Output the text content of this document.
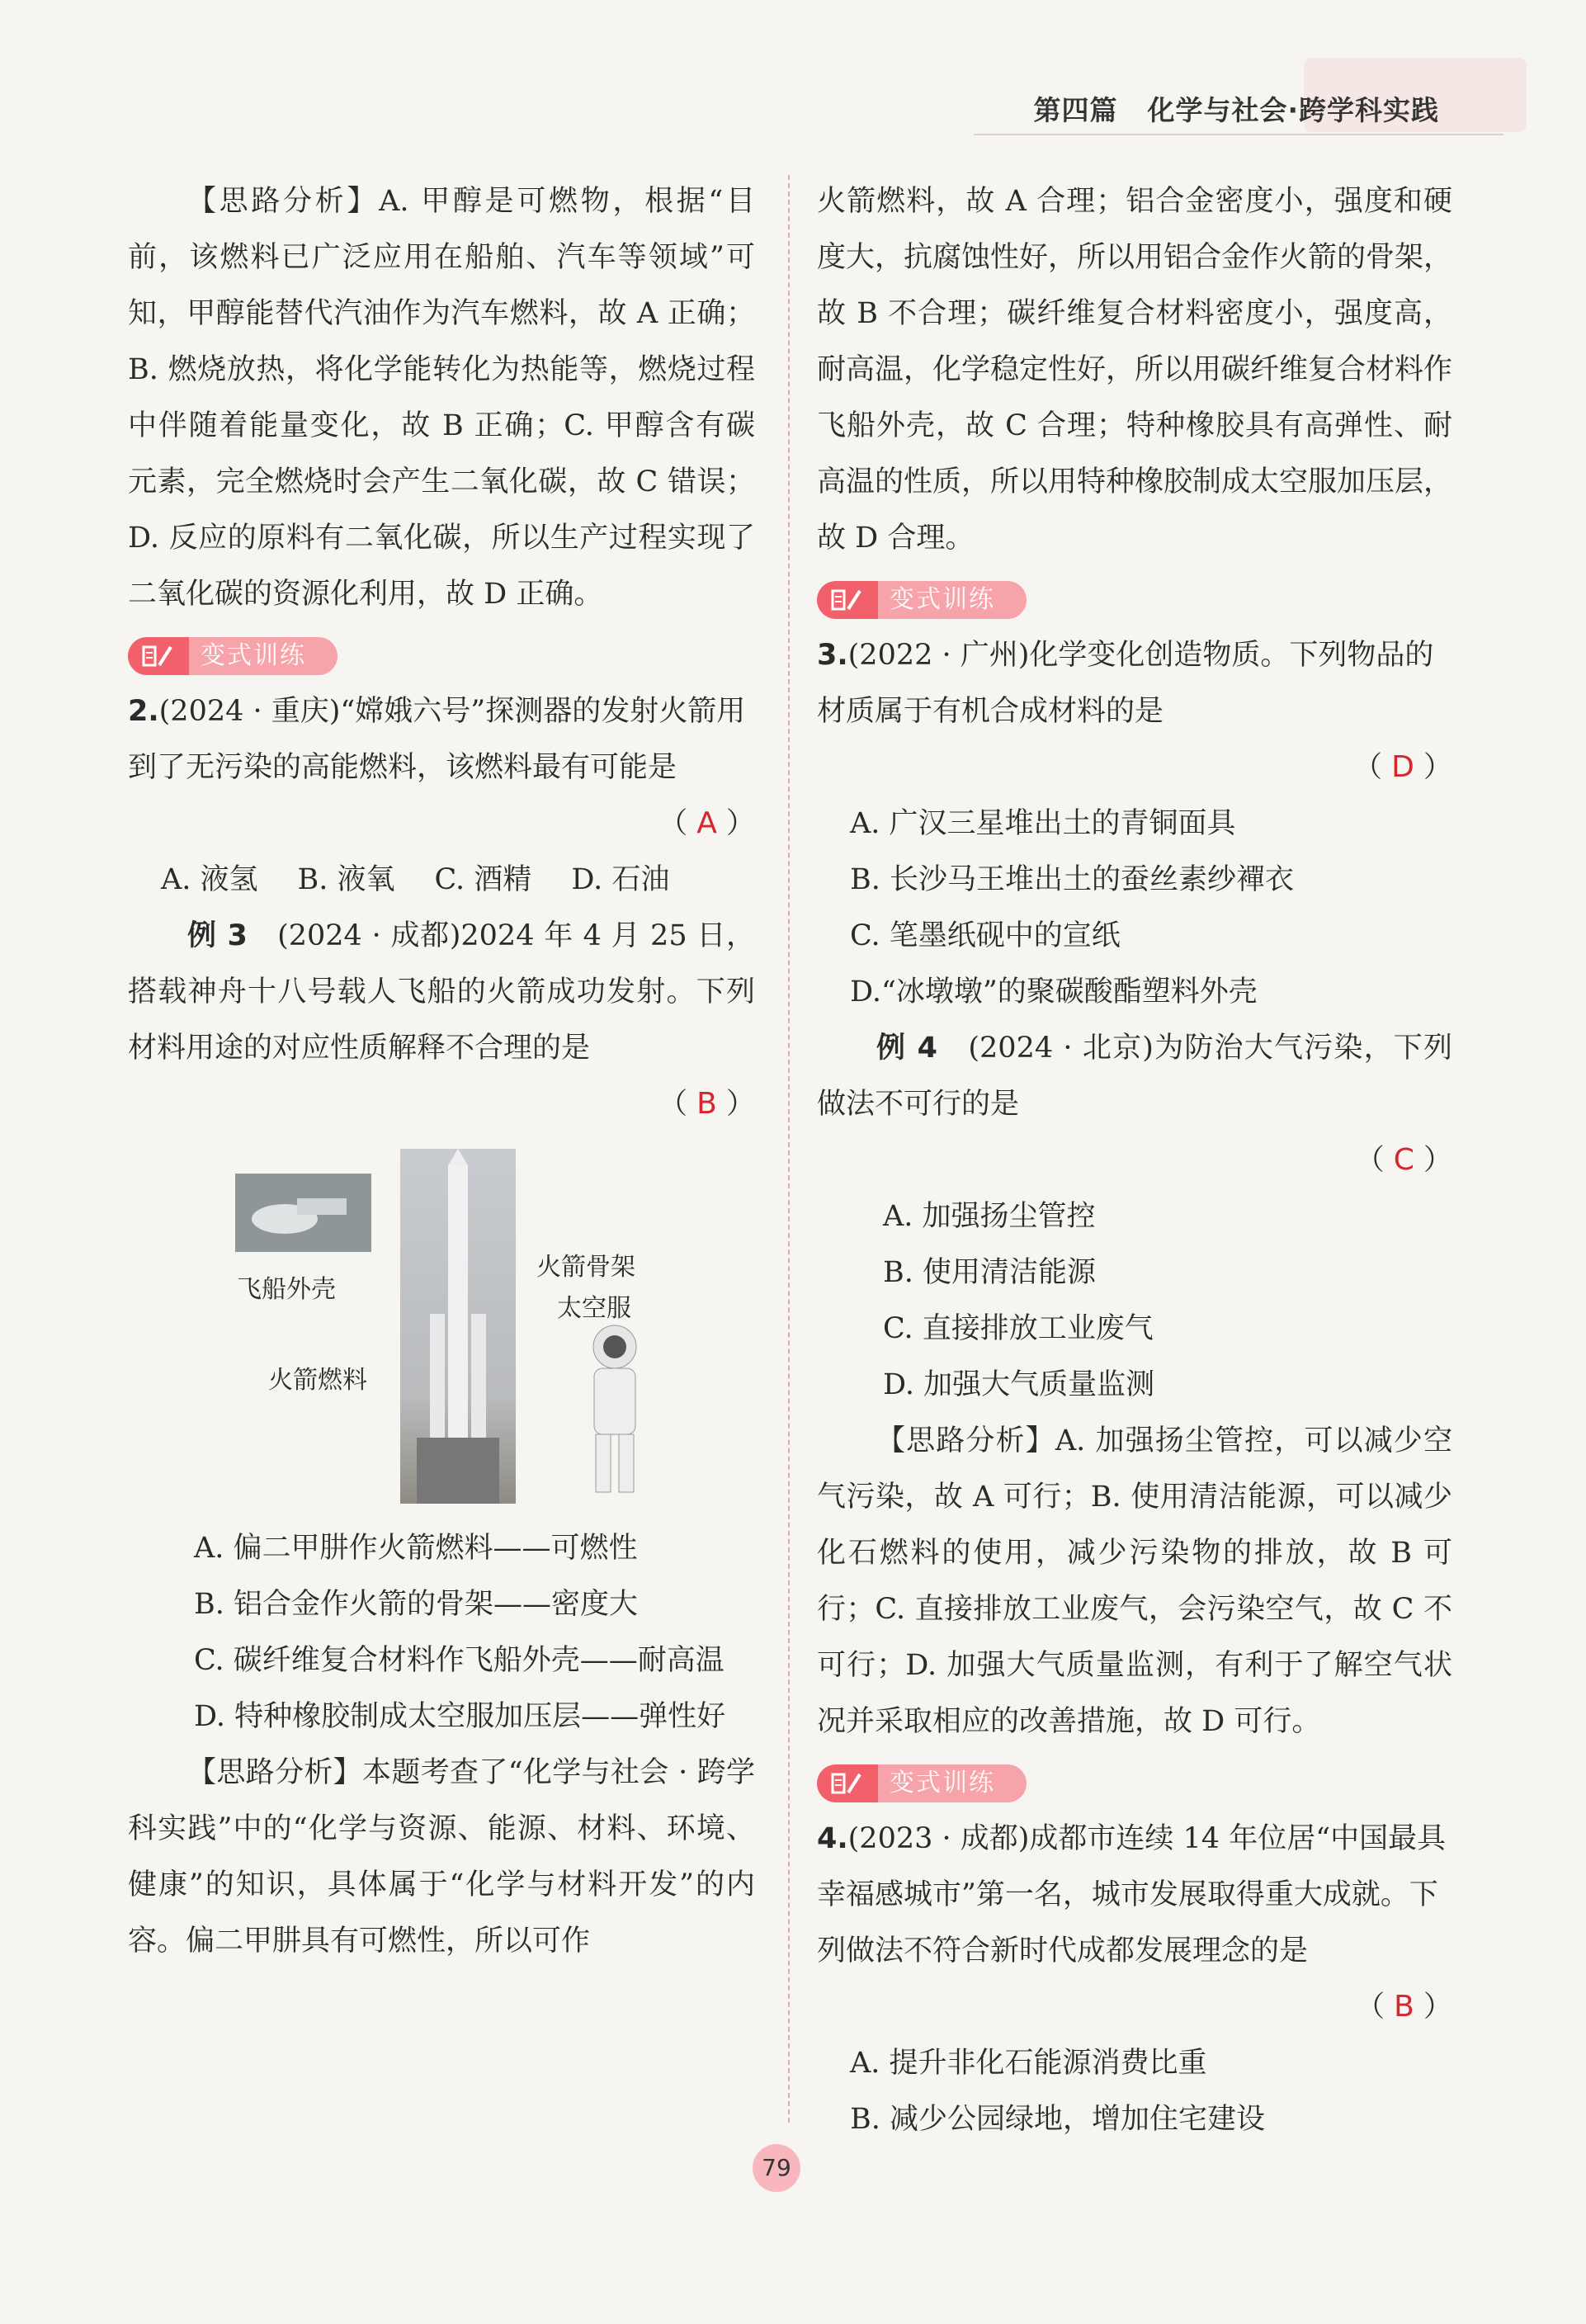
第四篇 化学与社会·跨学科实践

【思路分析】A. 甲醇是可燃物，根据“目前，该燃料已广泛应用在船舶、汽车等领域”可知，甲醇能替代汽油作为汽车燃料，故 A 正确；B. 燃烧放热，将化学能转化为热能等，燃烧过程中伴随着能量变化，故 B 正确；C. 甲醇含有碳元素，完全燃烧时会产生二氧化碳，故 C 错误；D. 反应的原料有二氧化碳，所以生产过程实现了二氧化碳的资源化利用，故 D 正确。

变式训练
2.(2024 · 重庆)“嫦娥六号”探测器的发射火箭用到了无污染的高能燃料，该燃料最有可能是
（ A ）
A. 液氢 B. 液氧 C. 酒精 D. 石油

例 3　 (2024 · 成都)2024 年 4 月 25 日，搭载神舟十八号载人飞船的火箭成功发射。下列材料用途的对应性质解释不合理的是

（ B ）
飞船外壳
火箭骨架
太空服
火箭燃料

A. 偏二甲肼作火箭燃料——可燃性

B. 铝合金作火箭的骨架——密度大

C. 碳纤维复合材料作飞船外壳——耐高温

D. 特种橡胶制成太空服加压层——弹性好

【思路分析】本题考查了“化学与社会 · 跨学科实践”中的“化学与资源、能源、材料、环境、健康”的知识，具体属于“化学与材料开发”的内容。偏二甲肼具有可燃性，所以可作

火箭燃料，故 A 合理；铝合金密度小，强度和硬度大，抗腐蚀性好，所以用铝合金作火箭的骨架，故 B 不合理；碳纤维复合材料密度小，强度高，耐高温，化学稳定性好，所以用碳纤维复合材料作飞船外壳，故 C 合理；特种橡胶具有高弹性、耐高温的性质，所以用特种橡胶制成太空服加压层，故 D 合理。

变式训练
3.(2022 · 广州)化学变化创造物质。下列物品的材质属于有机合成材料的是
（ D ）

A. 广汉三星堆出土的青铜面具

B. 长沙马王堆出土的蚕丝素纱襌衣

C. 笔墨纸砚中的宣纸

D.“冰墩墩”的聚碳酸酯塑料外壳

例 4　 (2024 · 北京)为防治大气污染，下列做法不可行的是

（ C ）

A. 加强扬尘管控

B. 使用清洁能源

C. 直接排放工业废气

D. 加强大气质量监测

【思路分析】A. 加强扬尘管控，可以减少空气污染，故 A 可行；B. 使用清洁能源，可以减少化石燃料的使用，减少污染物的排放，故 B 可行；C. 直接排放工业废气，会污染空气，故 C 不可行；D. 加强大气质量监测，有利于了解空气状况并采取相应的改善措施，故 D 可行。

变式训练
4.(2023 · 成都)成都市连续 14 年位居“中国最具幸福感城市”第一名，城市发展取得重大成就。下列做法不符合新时代成都发展理念的是
（ B ）

A. 提升非化石能源消费比重

B. 减少公园绿地，增加住宅建设

79
